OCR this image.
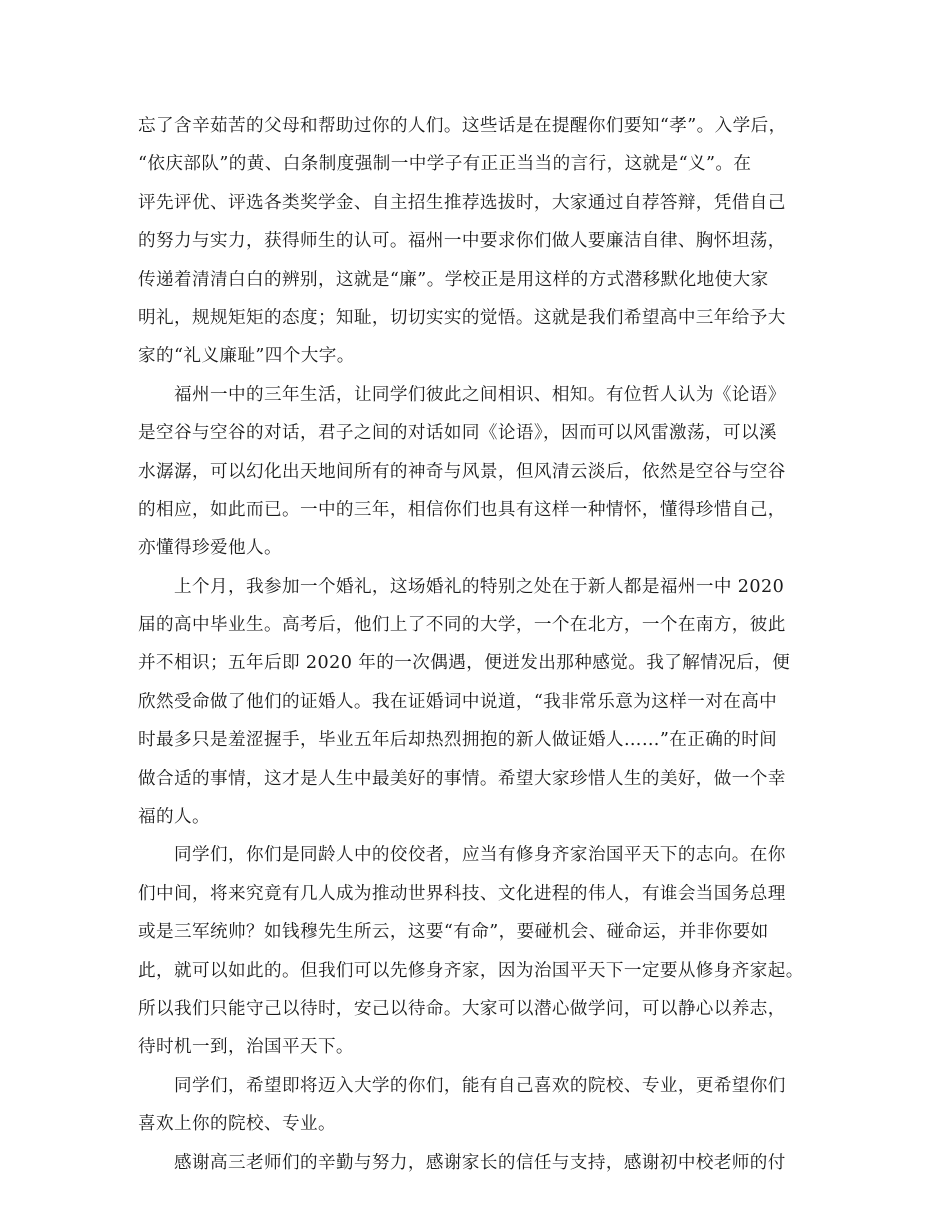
忘了含辛茹苦的父母和帮助过你的人们。这些话是在提醒你们要知“孝”。入学后，
“依庆部队”的黄、白条制度强制一中学子有正正当当的言行，这就是“义”。在
评先评优、评选各类奖学金、自主招生推荐选拔时，大家通过自荐答辩，凭借自己
的努力与实力，获得师生的认可。福州一中要求你们做人要廉洁自律、胸怀坦荡，
传递着清清白白的辨别，这就是“廉”。学校正是用这样的方式潜移默化地使大家
明礼，规规矩矩的态度；知耻，切切实实的觉悟。这就是我们希望高中三年给予大
家的“礼义廉耻”四个大字。
福州一中的三年生活，让同学们彼此之间相识、相知。有位哲人认为《论语》
是空谷与空谷的对话，君子之间的对话如同《论语》，因而可以风雷激荡，可以溪
水潺潺，可以幻化出天地间所有的神奇与风景，但风清云淡后，依然是空谷与空谷
的相应，如此而已。一中的三年，相信你们也具有这样一种情怀，懂得珍惜自己，
亦懂得珍爱他人。
上个月，我参加一个婚礼，这场婚礼的特别之处在于新人都是福州一中 2020
届的高中毕业生。高考后，他们上了不同的大学，一个在北方，一个在南方，彼此
并不相识；五年后即 2020 年的一次偶遇，便迸发出那种感觉。我了解情况后，便
欣然受命做了他们的证婚人。我在证婚词中说道，“我非常乐意为这样一对在高中
时最多只是羞涩握手，毕业五年后却热烈拥抱的新人做证婚人……”在正确的时间
做合适的事情，这才是人生中最美好的事情。希望大家珍惜人生的美好，做一个幸
福的人。
同学们，你们是同龄人中的佼佼者，应当有修身齐家治国平天下的志向。在你
们中间，将来究竟有几人成为推动世界科技、文化进程的伟人，有谁会当国务总理
或是三军统帅？如钱穆先生所云，这要“有命”，要碰机会、碰命运，并非你要如
此，就可以如此的。但我们可以先修身齐家，因为治国平天下一定要从修身齐家起。
所以我们只能守己以待时，安己以待命。大家可以潜心做学问，可以静心以养志，
待时机一到，治国平天下。
同学们，希望即将迈入大学的你们，能有自己喜欢的院校、专业，更希望你们
喜欢上你的院校、专业。
感谢高三老师们的辛勤与努力，感谢家长的信任与支持，感谢初中校老师的付
